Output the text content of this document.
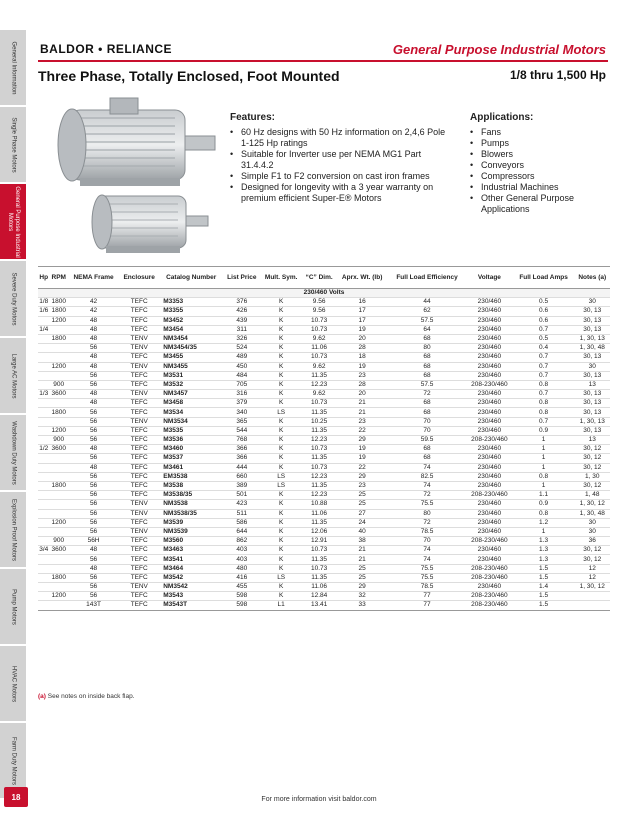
General Information
Single Phase Motors
General Purpose Industrial Motors
Severe Duty Motors
Large AC Motors
Washdown Duty Motors
Explosion Proof Motors
Pump Motors
HVAC Motors
Farm Duty Motors
18
BALDOR • RELIANCE	General Purpose Industrial Motors
Three Phase, Totally Enclosed, Foot Mounted	1/8 thru 1,500 Hp
Features:
• 60 Hz designs with 50 Hz information on 2,4,6 Pole 1-125 Hp ratings
• Suitable for Inverter use per NEMA MG1 Part 31.4.4.2
• Simple F1 to F2 conversion on cast iron frames
• Designed for longevity with a 3 year warranty on premium efficient Super-E® Motors
Applications:
• Fans
• Pumps
• Blowers
• Conveyors
• Compressors
• Industrial Machines
• Other General Purpose Applications
Hp	RPM	NEMA Frame	Enclosure	Catalog Number	List Price	Mult. Sym.	“C” Dim.	Aprx. Wt. (lb)	Full Load Efficiency	Voltage	Full Load Amps	Notes (a)
230/460 Volts												
1/8	1800	42	TEFC	M3353	376	K	9.56	16	44	230/460	0.5	30
1/6	1800	42	TEFC	M3355	426	K	9.56	17	62	230/460	0.6	30, 13
	1200	48	TEFC	M3452	439	K	10.73	17	57.5	230/460	0.6	30, 13
1/4		48	TEFC	M3454	311	K	10.73	19	64	230/460	0.7	30, 13
	1800	48	TENV	NM3454	326	K	9.62	20	68	230/460	0.5	1, 30, 13
		56	TENV	NM3454/35	524	K	11.06	28	80	230/460	0.4	1, 30, 48
		48	TEFC	M3455	489	K	10.73	18	68	230/460	0.7	30, 13
	1200	48	TENV	NM3455	450	K	9.62	19	68	230/460	0.7	30
		56	TEFC	M3531	484	K	11.35	23	68	230/460	0.7	30, 13
	900	56	TEFC	M3532	705	K	12.23	28	57.5	208-230/460	0.8	13
1/3	3600	48	TENV	NM3457	316	K	9.62	20	72	230/460	0.7	30, 13
		48	TEFC	M3458	379	K	10.73	21	68	230/460	0.8	30, 13
	1800	56	TEFC	M3534	340	LS	11.35	21	68	230/460	0.8	30, 13
		56	TENV	NM3534	365	K	10.25	23	70	230/460	0.7	1, 30, 13
	1200	56	TEFC	M3535	544	K	11.35	22	70	230/460	0.9	30, 13
	900	56	TEFC	M3536	768	K	12.23	29	59.5	208-230/460	1	13
1/2	3600	48	TEFC	M3460	366	K	10.73	19	68	230/460	1	30, 12
		56	TEFC	M3537	366	K	11.35	19	68	230/460	1	30, 12
		48	TEFC	M3461	444	K	10.73	22	74	230/460	1	30, 12
		56	TEFC	EM3538	660	LS	12.23	29	82.5	230/460	0.8	1, 30
	1800	56	TEFC	M3538	389	LS	11.35	23	74	230/460	1	30, 12
		56	TEFC	M3538/35	501	K	12.23	25	72	208-230/460	1.1	1, 48
		56	TENV	NM3538	423	K	10.88	25	75.5	230/460	0.9	1, 30, 12
		56	TENV	NM3538/35	511	K	11.06	27	80	230/460	0.8	1, 30, 48
	1200	56	TEFC	M3539	586	K	11.35	24	72	230/460	1.2	30
		56	TENV	NM3539	644	K	12.06	40	78.5	230/460	1	30
	900	56H	TEFC	M3560	862	K	12.91	38	70	208-230/460	1.3	36
3/4	3600	48	TEFC	M3463	403	K	10.73	21	74	230/460	1.3	30, 12
		56	TEFC	M3541	403	K	11.35	21	74	230/460	1.3	30, 12
		48	TEFC	M3464	480	K	10.73	25	75.5	208-230/460	1.5	12
	1800	56	TEFC	M3542	416	LS	11.35	25	75.5	208-230/460	1.5	12
		56	TENV	NM3542	455	K	11.06	29	78.5	230/460	1.4	1, 30, 12
	1200	56	TEFC	M3543	598	K	12.84	32	77	208-230/460	1.5	
		143T	TEFC	M3543T	598	L1	13.41	33	77	208-230/460	1.5	
(a) See notes on inside back flap.
For more information visit baldor.com
